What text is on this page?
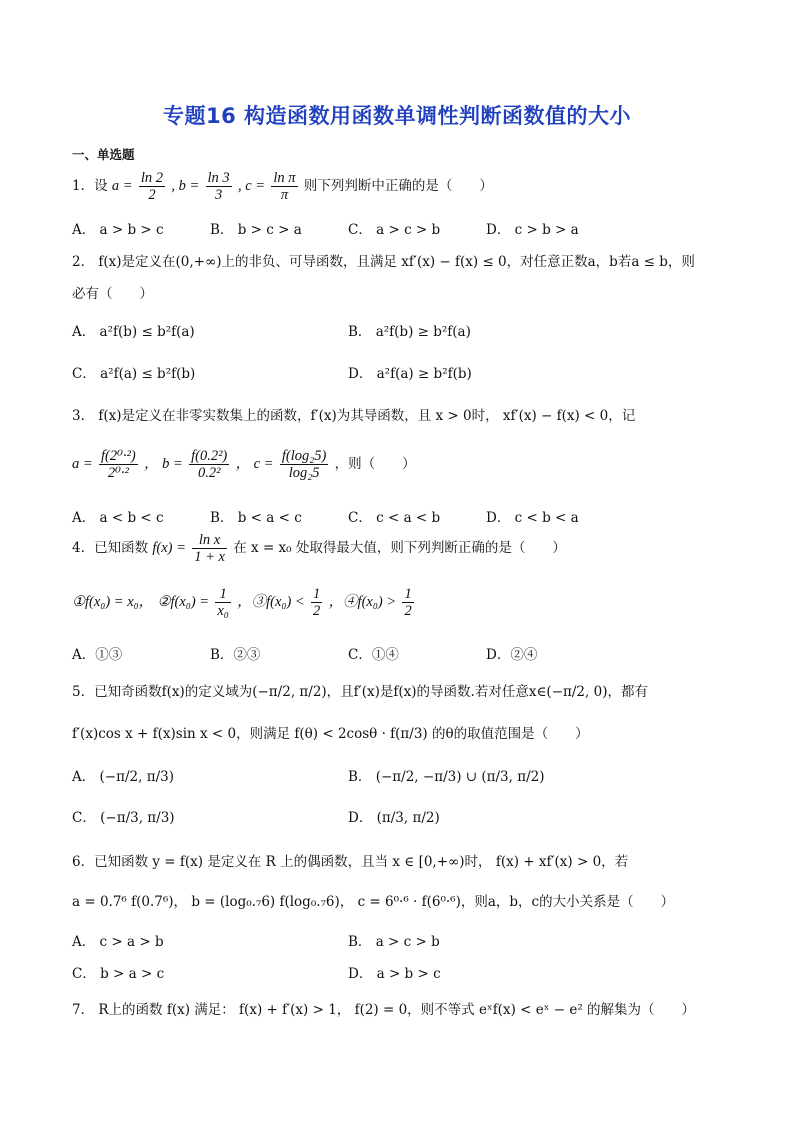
专题16 构造函数用函数单调性判断函数值的大小
一、单选题
1．设 $a = \frac{\ln 2}{2}$ , $b = \frac{\ln 3}{3}$ , $c = \frac{\text{ln π}}{\pi}$ 则下列判断中正确的是（　　）
A． a > b > c	B． b > c > a	C． a > c > b	D． c > b > a
2． f(x)是定义在(0,+∞)上的非负、可导函数，且满足 xf′(x) − f(x) ≤ 0，对任意正数a，b若a ≤ b，则
必有（　　）
A． a²f(b) ≤ b²f(a)	B． a²f(b) ≥ b²f(a)
C． a²f(a) ≤ b²f(b)	D． a²f(a) ≥ b²f(b)
3． f(x)是定义在非零实数集上的函数，f′(x)为其导函数，且 x > 0时， xf′(x) − f(x) < 0，记
$a = \frac{\text{f(2⁰·²)}}{\text{2⁰·²}}$ ， $b = \frac{\text{f(0.2²)}}{\text{0.2²}}$ ， $c = \frac{\text{f(log₂5)}}{\text{log₂5}}$ ，则（　　）
A． a < b < c	B． b < a < c	C． c < a < b	D． c < b < a
4．已知函数 $f(x) = \frac{\text{ln x}}{1 + x}$ 在 x = x₀ 处取得最大值，则下列判断正确的是（　　）
①f(x₀) = x₀， ②f(x₀) = $\frac{1}{\text{x₀}}$ ，③f(x₀) < $\frac{1}{2}$ ，④f(x₀) > $\frac{1}{2}$
A．①③	B．②③	C．①④	D．②④
5．已知奇函数f(x)的定义域为(−π/2, π/2)，且f′(x)是f(x)的导函数.若对任意x∈(−π/2, 0)，都有
f′(x)cos x + f(x)sin x < 0，则满足 f(θ) < 2cosθ · f(π/3) 的θ的取值范围是（　　）
A． (−π/2, π/3)	B． (−π/2, −π/3) ∪ (π/3, π/2)
C． (−π/3, π/3)	D． (π/3, π/2)
6．已知函数 y = f(x) 是定义在 R 上的偶函数，且当 x ∈ [0,+∞)时， f(x) + xf′(x) > 0，若
a = 0.7⁶ f(0.7⁶)， b = (log₀.₇6) f(log₀.₇6)， c = 6⁰·⁶ · f(6⁰·⁶)，则a，b，c的大小关系是（　　）
A． c > a > b	B． a > c > b
C． b > a > c	D． a > b > c
7． R上的函数 f(x) 满足： f(x) + f′(x) > 1， f(2) = 0，则不等式 eˣf(x) < eˣ − e² 的解集为（　　）
